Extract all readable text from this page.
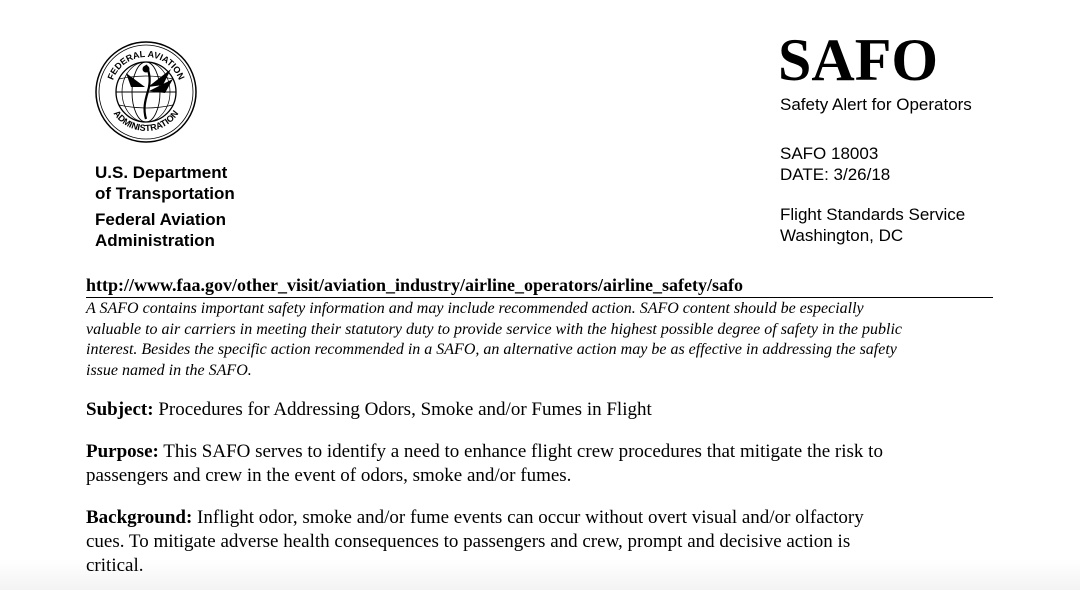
FEDERAL AVIATION
ADMINISTRATION
U.S. Department
of Transportation
Federal Aviation
Administration
SAFO
Safety Alert for Operators
SAFO 18003
DATE: 3/26/18
Flight Standards Service
Washington, DC
http://www.faa.gov/other_visit/aviation_industry/airline_operators/airline_safety/safo
A SAFO contains important safety information and may include recommended action. SAFO content should be especially
valuable to air carriers in meeting their statutory duty to provide service with the highest possible degree of safety in the public
interest. Besides the specific action recommended in a SAFO, an alternative action may be as effective in addressing the safety
issue named in the SAFO.
Subject: Procedures for Addressing Odors, Smoke and/or Fumes in Flight
Purpose: This SAFO serves to identify a need to enhance flight crew procedures that mitigate the risk to
passengers and crew in the event of odors, smoke and/or fumes.
Background: Inflight odor, smoke and/or fume events can occur without overt visual and/or olfactory
cues. To mitigate adverse health consequences to passengers and crew, prompt and decisive action is
critical.
